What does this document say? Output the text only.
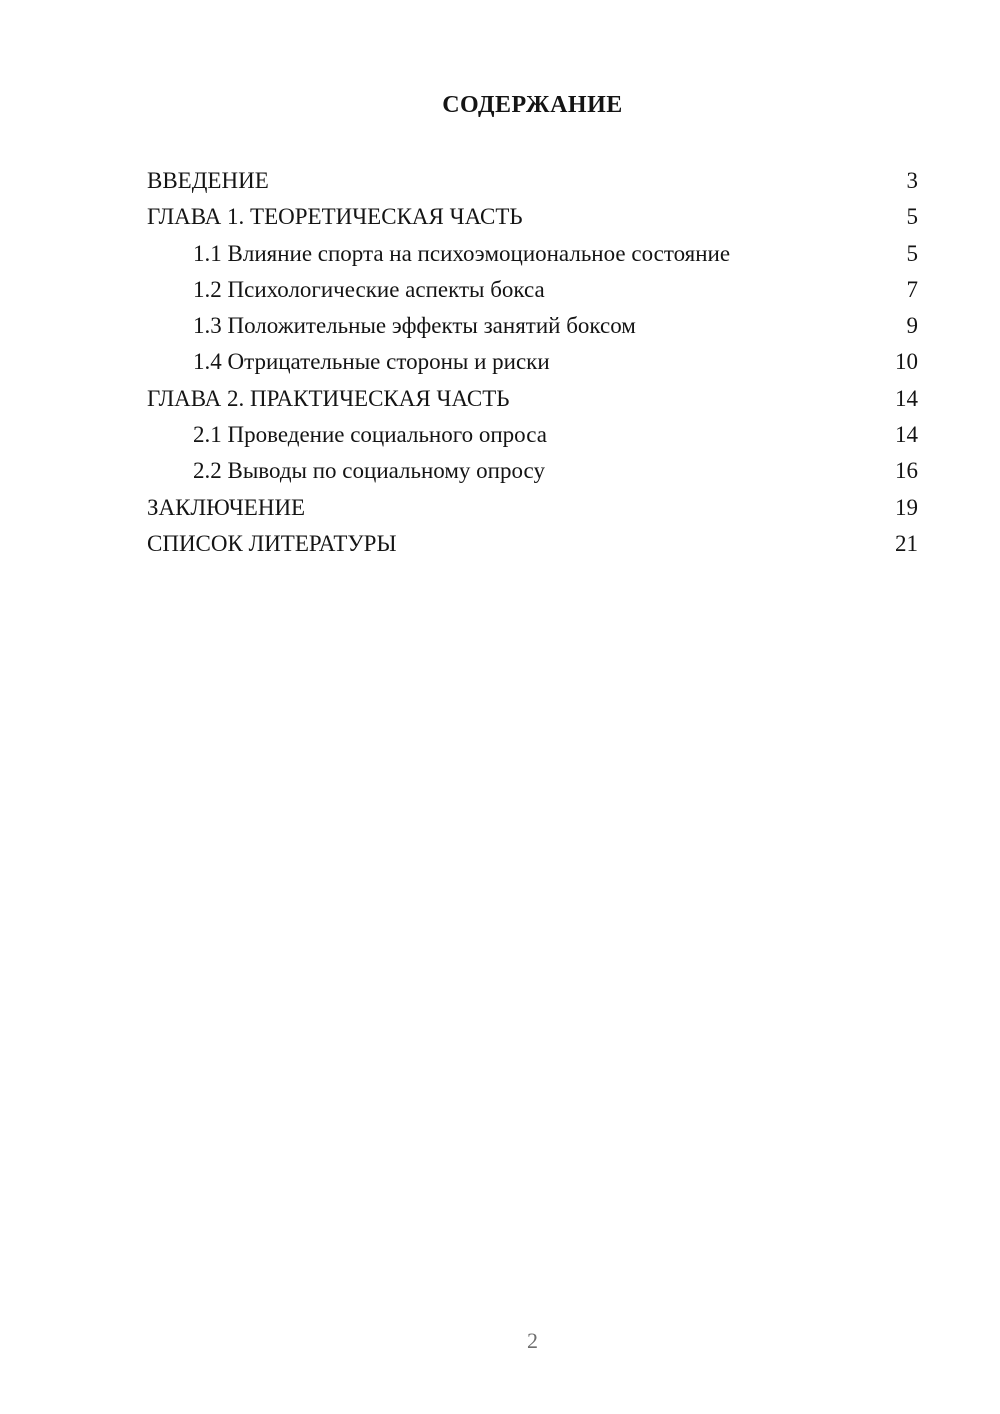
СОДЕРЖАНИЕ
ВВЕДЕНИЕ	3
ГЛАВА 1. ТЕОРЕТИЧЕСКАЯ ЧАСТЬ	5
1.1 Влияние спорта на психоэмоциональное состояние	5
1.2 Психологические аспекты бокса	7
1.3 Положительные эффекты занятий боксом	9
1.4 Отрицательные стороны и риски	10
ГЛАВА 2. ПРАКТИЧЕСКАЯ ЧАСТЬ	14
2.1 Проведение социального опроса	14
2.2 Выводы по социальному опросу	16
ЗАКЛЮЧЕНИЕ	19
СПИСОК ЛИТЕРАТУРЫ	21
2
